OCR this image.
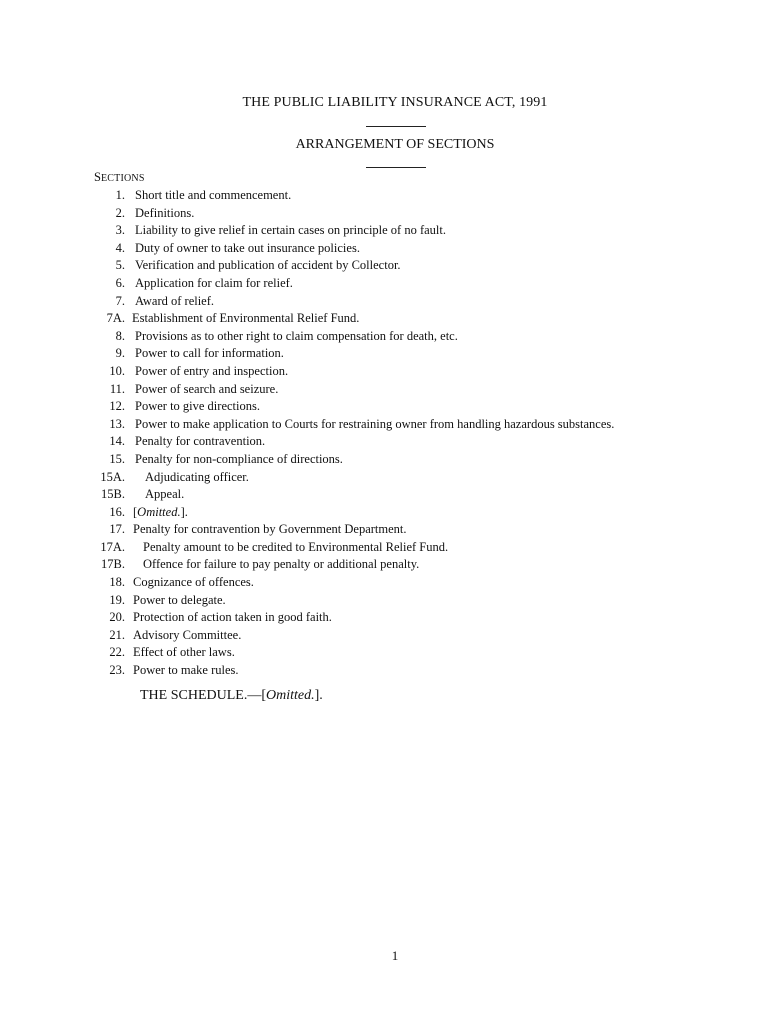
THE PUBLIC LIABILITY INSURANCE ACT, 1991
ARRANGEMENT OF SECTIONS
SECTIONS
1. Short title and commencement.
2. Definitions.
3. Liability to give relief in certain cases on principle of no fault.
4. Duty of owner to take out insurance policies.
5. Verification and publication of accident by Collector.
6. Application for claim for relief.
7. Award of relief.
7A. Establishment of Environmental Relief Fund.
8. Provisions as to other right to claim compensation for death, etc.
9. Power to call for information.
10. Power of entry and inspection.
11. Power of search and seizure.
12. Power to give directions.
13. Power to make application to Courts for restraining owner from handling hazardous substances.
14. Penalty for contravention.
15. Penalty for non-compliance of directions.
15A. Adjudicating officer.
15B. Appeal.
16. [Omitted.].
17. Penalty for contravention by Government Department.
17A. Penalty amount to be credited to Environmental Relief Fund.
17B. Offence for failure to pay penalty or additional penalty.
18. Cognizance of offences.
19. Power to delegate.
20. Protection of action taken in good faith.
21. Advisory Committee.
22. Effect of other laws.
23. Power to make rules.
THE SCHEDULE.—[Omitted.].
1
